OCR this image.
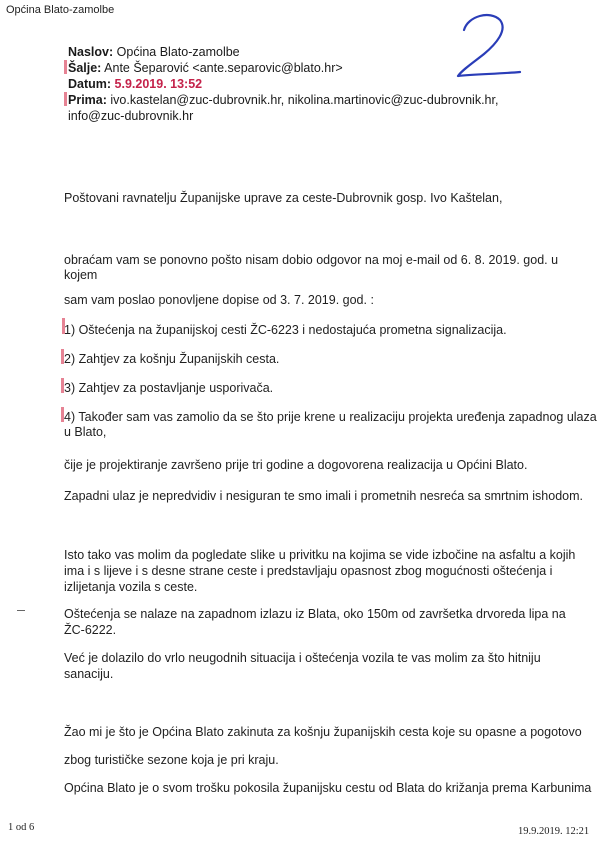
Općina Blato-zamolbe
Naslov: Općina Blato-zamolbe
Šalje: Ante Šeparović <ante.separovic@blato.hr>
Datum: 5.9.2019. 13:52
Prima: ivo.kastelan@zuc-dubrovnik.hr, nikolina.martinovic@zuc-dubrovnik.hr, info@zuc-dubrovnik.hr
Poštovani ravnatelju Županijske uprave za ceste-Dubrovnik gosp. Ivo Kaštelan,
obraćam vam se ponovno pošto nisam dobio odgovor na moj e-mail od 6. 8. 2019. god. u
kojem
sam vam poslao ponovljene dopise od 3. 7. 2019. god. :
1) Oštećenja na županijskoj cesti ŽC-6223 i nedostajuća prometna signalizacija.
2) Zahtjev za košnju Županijskih cesta.
3) Zahtjev za postavljanje usporivača.
4) Također sam vas zamolio da se što prije krene u realizaciju projekta uređenja zapadnog ulaza
u Blato,
čije je projektiranje završeno prije tri godine a dogovorena realizacija u Općini Blato.
Zapadni ulaz je nepredvidiv i nesiguran te smo imali i prometnih nesreća sa smrtnim ishodom.
Isto tako vas molim da pogledate slike u privitku na kojima se vide izbočine na asfaltu a kojih
ima i s lijeve i s desne strane ceste i predstavljaju opasnost zbog mogućnosti oštećenja i
izlijetanja vozila s ceste.
Oštećenja se nalaze na zapadnom izlazu iz Blata, oko 150m od završetka drvoreda lipa na
ŽC-6222.
Već je dolazilo do vrlo neugodnih situacija i oštećenja vozila te vas molim za što hitniju
sanaciju.
Žao mi je što je Općina Blato zakinuta za košnju županijskih cesta koje su opasne a pogotovo
zbog turističke sezone koja je pri kraju.
Općina Blato je o svom trošku pokosila županijsku cestu od Blata do križanja prema Karbunima
1 od 6	19.9.2019. 12:21
